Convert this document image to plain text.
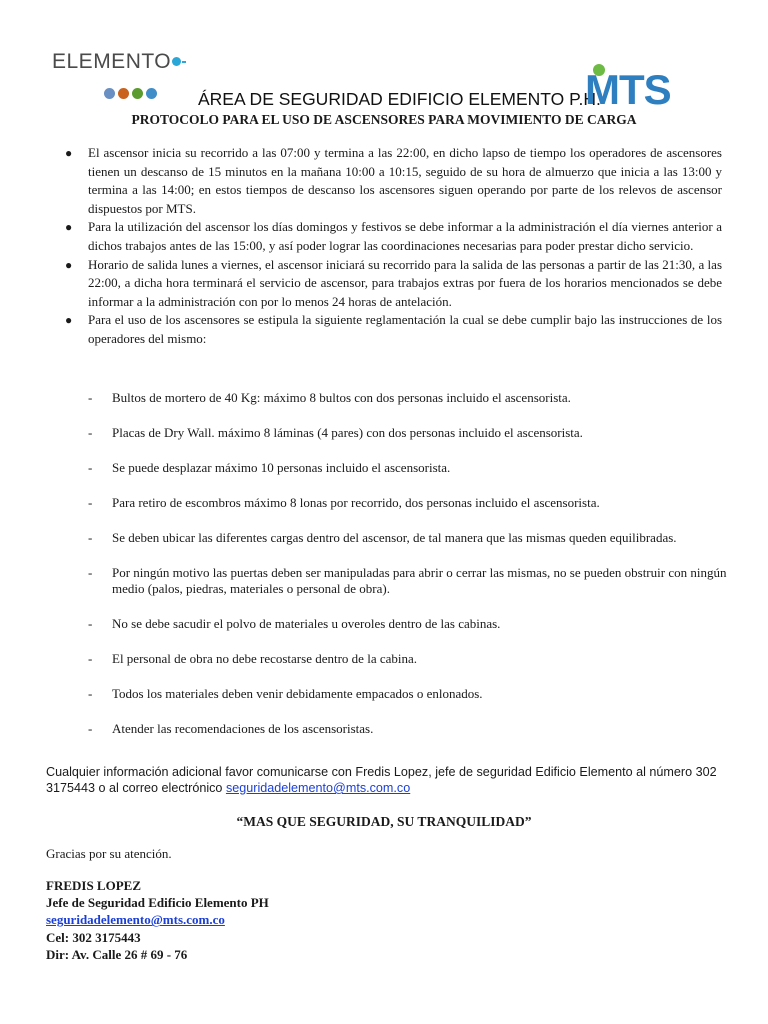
ELEMENTO
ÁREA DE SEGURIDAD EDIFICIO ELEMENTO P.H.
MTS
PROTOCOLO PARA EL USO DE ASCENSORES PARA MOVIMIENTO DE CARGA
● El ascensor inicia su recorrido a las 07:00 y termina a las 22:00, en dicho lapso de tiempo los operadores de ascensores tienen un descanso de 15 minutos en la mañana 10:00 a 10:15, seguido de su hora de almuerzo que inicia a las 13:00 y termina a las 14:00; en estos tiempos de descanso los ascensores siguen operando por parte de los relevos de ascensor dispuestos por MTS.
● Para la utilización del ascensor los días domingos y festivos se debe informar a la administración el día viernes anterior a dichos trabajos antes de las 15:00, y así poder lograr las coordinaciones necesarias para poder prestar dicho servicio.
● Horario de salida lunes a viernes, el ascensor iniciará su recorrido para la salida de las personas a partir de las 21:30, a las 22:00, a dicha hora terminará el servicio de ascensor, para trabajos extras por fuera de los horarios mencionados se debe informar a la administración con por lo menos 24 horas de antelación.
● Para el uso de los ascensores se estipula la siguiente reglamentación la cual se debe cumplir bajo las instrucciones de los operadores del mismo:
- Bultos de mortero de 40 Kg: máximo 8 bultos con dos personas incluido el ascensorista.
- Placas de Dry Wall. máximo 8 láminas (4 pares) con dos personas incluido el ascensorista.
- Se puede desplazar máximo 10 personas incluido el ascensorista.
- Para retiro de escombros máximo 8 lonas por recorrido, dos personas incluido el ascensorista.
- Se deben ubicar las diferentes cargas dentro del ascensor, de tal manera que las mismas queden equilibradas.
- Por ningún motivo las puertas deben ser manipuladas para abrir o cerrar las mismas, no se pueden obstruir con ningún medio (palos, piedras, materiales o personal de obra).
- No se debe sacudir el polvo de materiales u overoles dentro de las cabinas.
- El personal de obra no debe recostarse dentro de la cabina.
- Todos los materiales deben venir debidamente empacados o enlonados.
- Atender las recomendaciones de los ascensoristas.
Cualquier información adicional favor comunicarse con Fredis Lopez, jefe de seguridad Edificio Elemento al número 302 3175443 o al correo electrónico seguridadelemento@mts.com.co
“MAS QUE SEGURIDAD, SU TRANQUILIDAD”
Gracias por su atención.
FREDIS LOPEZ
Jefe de Seguridad Edificio Elemento PH
seguridadelemento@mts.com.co
Cel: 302 3175443
Dir: Av. Calle 26 # 69 - 76
